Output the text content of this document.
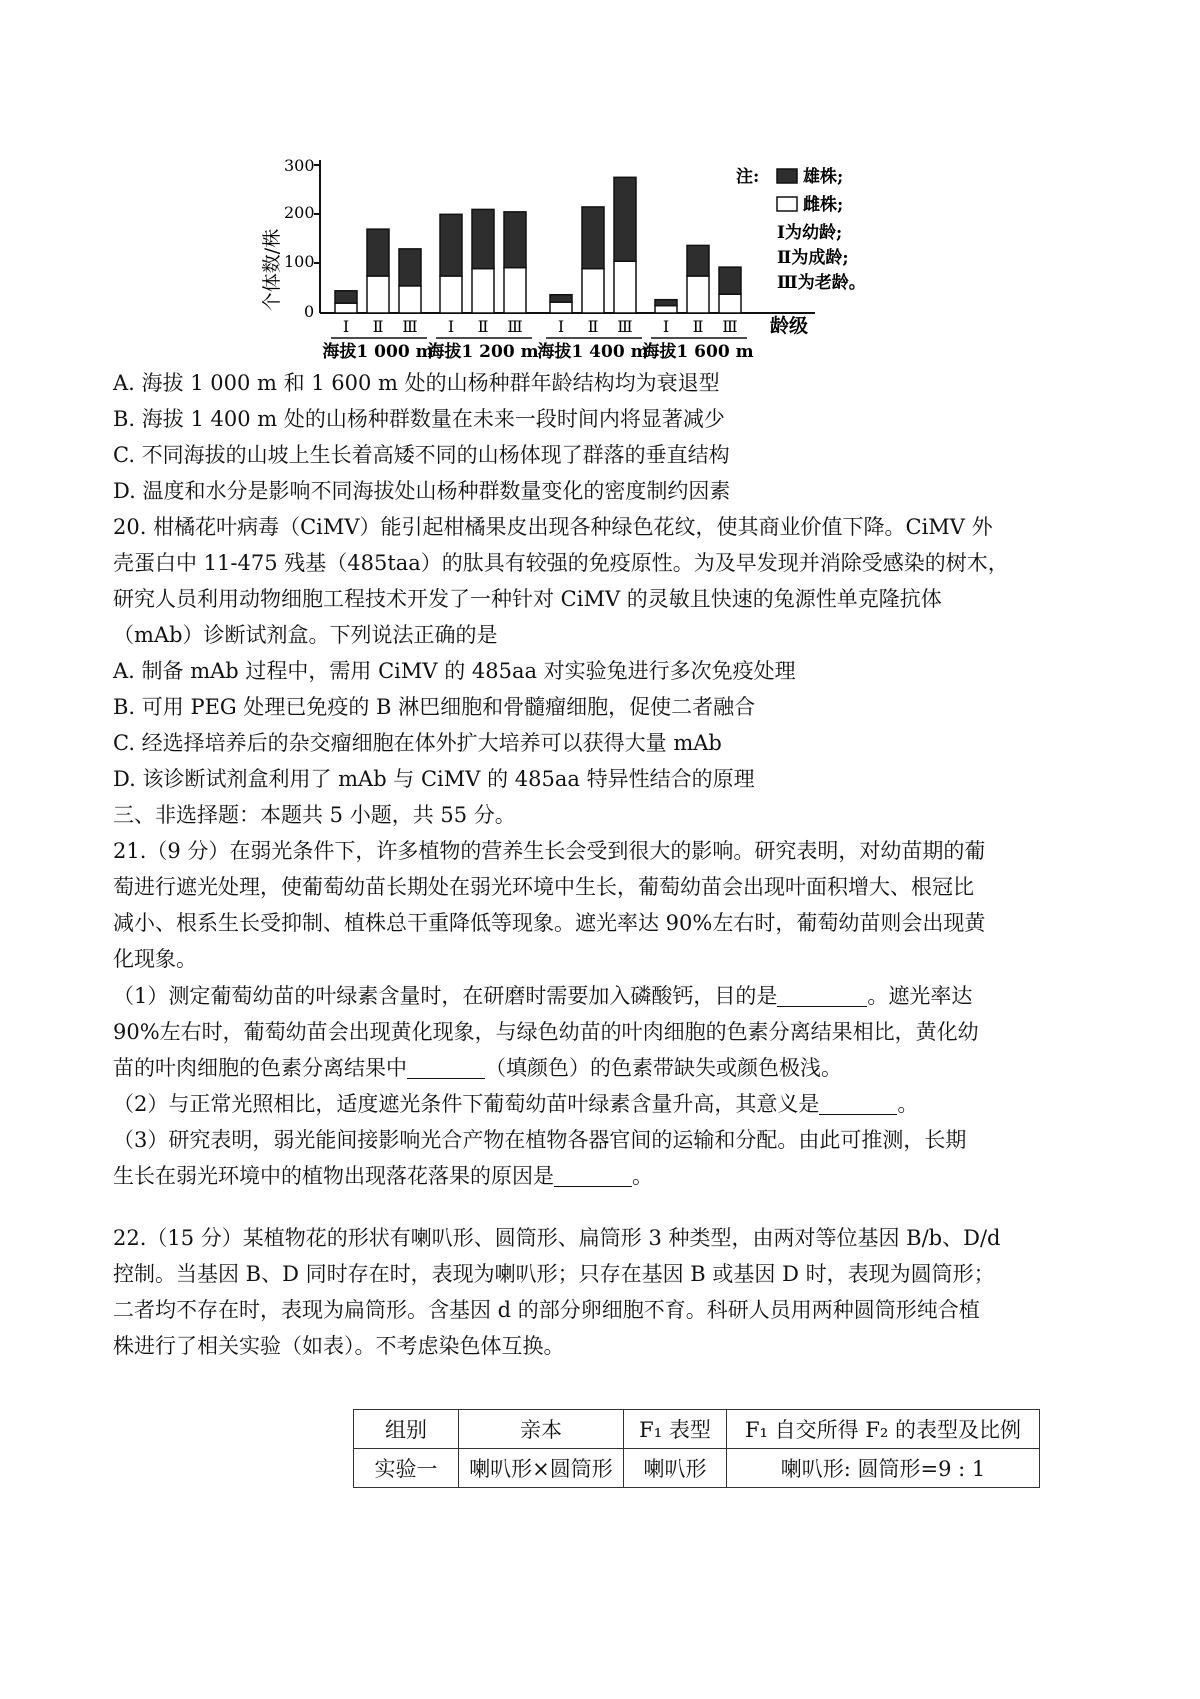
个体数/株
300
200
100
0
Ⅰ Ⅱ Ⅲ Ⅰ Ⅱ Ⅲ Ⅰ Ⅱ Ⅲ Ⅰ Ⅱ Ⅲ
海拔1 000 m
海拔1 200 m
海拔1 400 m
海拔1 600 m
龄级
注:	雄株;
雌株;
Ⅰ为幼龄;
Ⅱ为成龄;
Ⅲ为老龄。
A. 海拔 1 000 m 和 1 600 m 处的山杨种群年龄结构均为衰退型
B. 海拔 1 400 m 处的山杨种群数量在未来一段时间内将显著减少
C. 不同海拔的山坡上生长着高矮不同的山杨体现了群落的垂直结构
D. 温度和水分是影响不同海拔处山杨种群数量变化的密度制约因素
20. 柑橘花叶病毒（CiMV）能引起柑橘果皮出现各种绿色花纹，使其商业价值下降。CiMV 外
壳蛋白中 11-475 残基（485taa）的肽具有较强的免疫原性。为及早发现并消除受感染的树木，
研究人员利用动物细胞工程技术开发了一种针对 CiMV 的灵敏且快速的兔源性单克隆抗体
（mAb）诊断试剂盒。下列说法正确的是
A. 制备 mAb 过程中，需用 CiMV 的 485aa 对实验兔进行多次免疫处理
B. 可用 PEG 处理已免疫的 B 淋巴细胞和骨髓瘤细胞，促使二者融合
C. 经选择培养后的杂交瘤细胞在体外扩大培养可以获得大量 mAb
D. 该诊断试剂盒利用了 mAb 与 CiMV 的 485aa 特异性结合的原理
三、非选择题：本题共 5 小题，共 55 分。
21.（9 分）在弱光条件下，许多植物的营养生长会受到很大的影响。研究表明，对幼苗期的葡
萄进行遮光处理，使葡萄幼苗长期处在弱光环境中生长，葡萄幼苗会出现叶面积增大、根冠比
减小、根系生长受抑制、植株总干重降低等现象。遮光率达 90%左右时，葡萄幼苗则会出现黄
化现象。
（1）测定葡萄幼苗的叶绿素含量时，在研磨时需要加入磷酸钙，目的是	。遮光率达
90%左右时，葡萄幼苗会出现黄化现象，与绿色幼苗的叶肉细胞的色素分离结果相比，黄化幼
苗的叶肉细胞的色素分离结果中	（填颜色）的色素带缺失或颜色极浅。
（2）与正常光照相比，适度遮光条件下葡萄幼苗叶绿素含量升高，其意义是	。
（3）研究表明，弱光能间接影响光合产物在植物各器官间的运输和分配。由此可推测，长期
生长在弱光环境中的植物出现落花落果的原因是	。
22.（15 分）某植物花的形状有喇叭形、圆筒形、扁筒形 3 种类型，由两对等位基因 B/b、D/d
控制。当基因 B、D 同时存在时，表现为喇叭形；只存在基因 B 或基因 D 时，表现为圆筒形；
二者均不存在时，表现为扁筒形。含基因 d 的部分卵细胞不育。科研人员用两种圆筒形纯合植
株进行了相关实验（如表）。不考虑染色体互换。
组别	亲本	F₁ 表型	F₁ 自交所得 F₂ 的表型及比例
实验一	喇叭形×圆筒形	喇叭形	喇叭形: 圆筒形=9 : 1
